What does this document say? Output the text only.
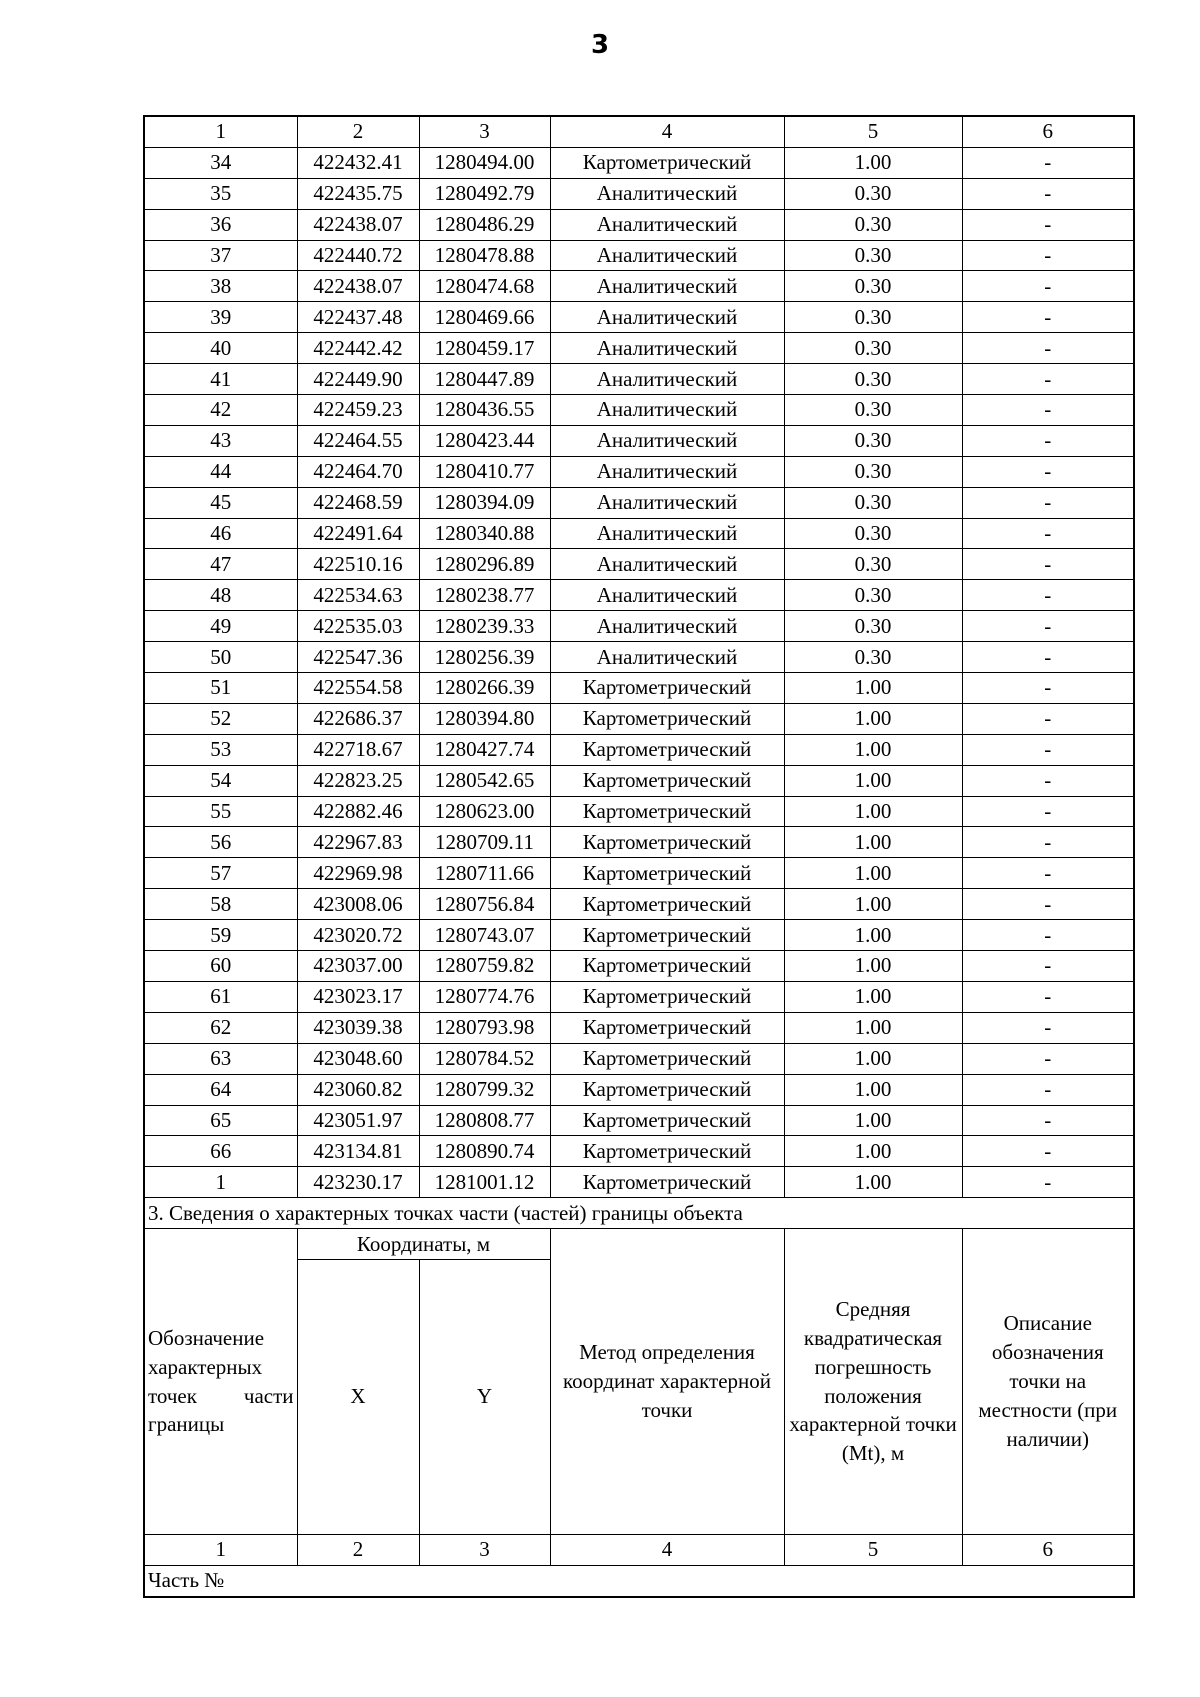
3
1	2	3	4	5	6
34	422432.41	1280494.00	Картометрический	1.00	-
35	422435.75	1280492.79	Аналитический	0.30	-
36	422438.07	1280486.29	Аналитический	0.30	-
37	422440.72	1280478.88	Аналитический	0.30	-
38	422438.07	1280474.68	Аналитический	0.30	-
39	422437.48	1280469.66	Аналитический	0.30	-
40	422442.42	1280459.17	Аналитический	0.30	-
41	422449.90	1280447.89	Аналитический	0.30	-
42	422459.23	1280436.55	Аналитический	0.30	-
43	422464.55	1280423.44	Аналитический	0.30	-
44	422464.70	1280410.77	Аналитический	0.30	-
45	422468.59	1280394.09	Аналитический	0.30	-
46	422491.64	1280340.88	Аналитический	0.30	-
47	422510.16	1280296.89	Аналитический	0.30	-
48	422534.63	1280238.77	Аналитический	0.30	-
49	422535.03	1280239.33	Аналитический	0.30	-
50	422547.36	1280256.39	Аналитический	0.30	-
51	422554.58	1280266.39	Картометрический	1.00	-
52	422686.37	1280394.80	Картометрический	1.00	-
53	422718.67	1280427.74	Картометрический	1.00	-
54	422823.25	1280542.65	Картометрический	1.00	-
55	422882.46	1280623.00	Картометрический	1.00	-
56	422967.83	1280709.11	Картометрический	1.00	-
57	422969.98	1280711.66	Картометрический	1.00	-
58	423008.06	1280756.84	Картометрический	1.00	-
59	423020.72	1280743.07	Картометрический	1.00	-
60	423037.00	1280759.82	Картометрический	1.00	-
61	423023.17	1280774.76	Картометрический	1.00	-
62	423039.38	1280793.98	Картометрический	1.00	-
63	423048.60	1280784.52	Картометрический	1.00	-
64	423060.82	1280799.32	Картометрический	1.00	-
65	423051.97	1280808.77	Картометрический	1.00	-
66	423134.81	1280890.74	Картометрический	1.00	-
1	423230.17	1281001.12	Картометрический	1.00	-
3. Сведения о характерных точках части (частей) границы объекта					
Обозначение характерных точек части границы	Координаты, м		Метод определения координат характерной точки	Средняя квадратическая погрешность положения характерной точки (Mt), м	Описание обозначения точки на местности (при наличии)
	X	Y			
1	2	3	4	5	6
Часть №					
